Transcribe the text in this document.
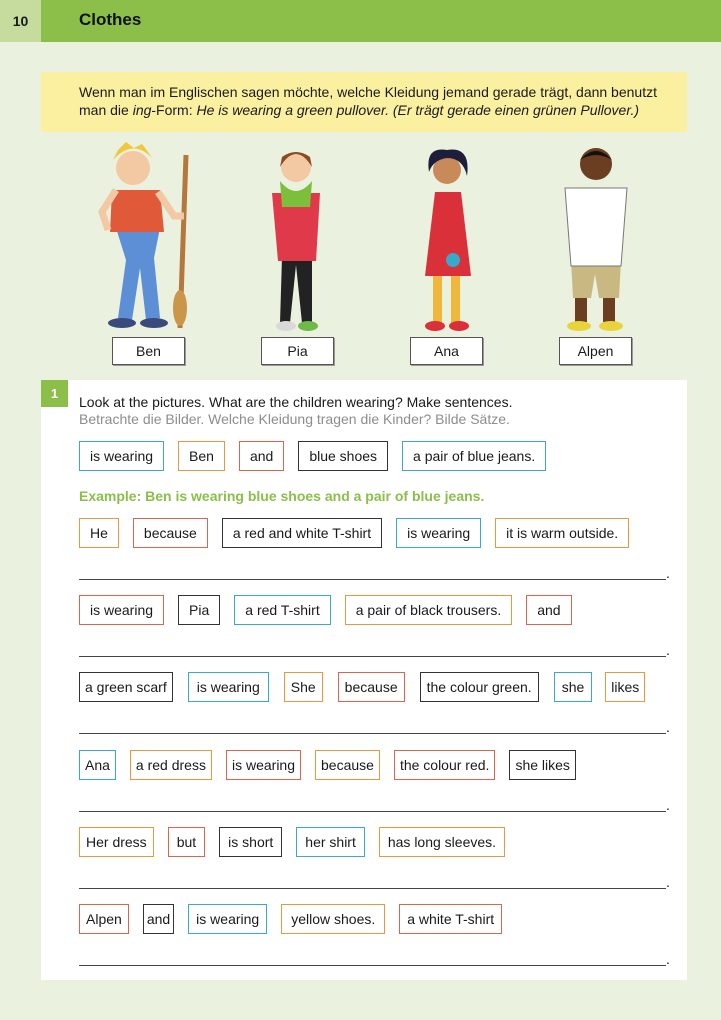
10	Clothes
Wenn man im Englischen sagen möchte, welche Kleidung jemand gerade trägt, dann benutzt
man die ing-Form: He is wearing a green pullover. (Er trägt gerade einen grünen Pullover.)
Ben	Pia	Ana	Alpen
1
Look at the pictures. What are the children wearing? Make sentences.
Betrachte die Bilder. Welche Kleidung tragen die Kinder? Bilde Sätze.
is wearing	Ben	and	blue shoes	a pair of blue jeans.
Example: Ben is wearing blue shoes and a pair of blue jeans.
He	because	a red and white T-shirt	is wearing	it is warm outside.
.
is wearing	Pia	a red T-shirt	a pair of black trousers.	and
.
a green scarf	is wearing	She	because	the colour green.	she	likes
.
Ana	a red dress	is wearing	because	the colour red.	she likes
.
Her dress	but	is short	her shirt	has long sleeves.
.
Alpen	and	is wearing	yellow shoes.	a white T-shirt
.
